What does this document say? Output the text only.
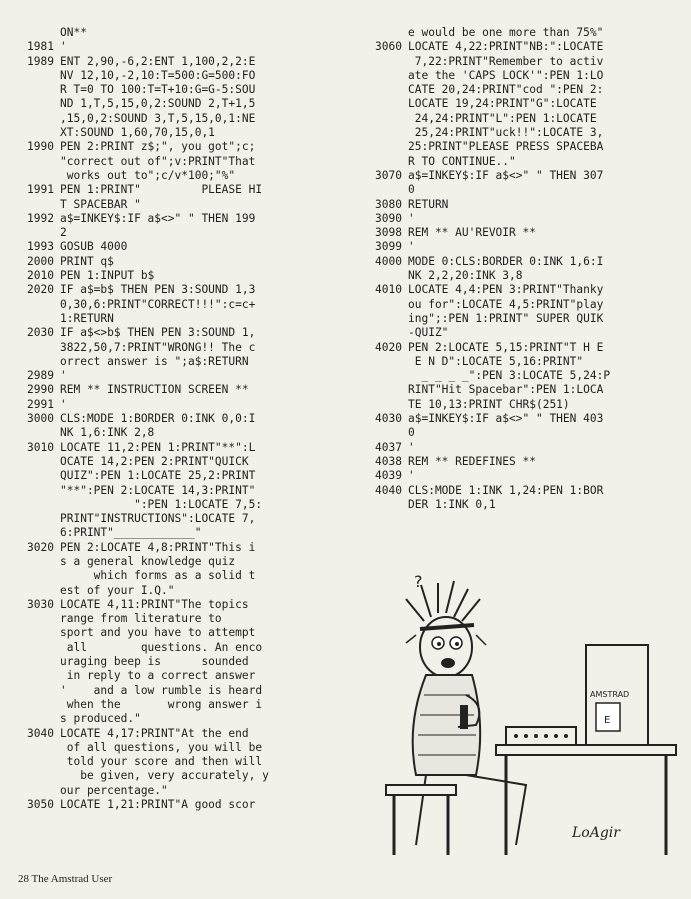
ON**
1981 '
1989 ENT 2,90,-6,2:ENT 1,100,2,2:E
NV 12,10,-2,10:T=500:G=500:FO
R T=0 TO 100:T=T+10:G=G-5:SOU
ND 1,T,5,15,0,2:SOUND 2,T+1,5
,15,0,2:SOUND 3,T,5,15,0,1:NE
XT:SOUND 1,60,70,15,0,1
1990 PEN 2:PRINT z$;", you got";c;
"correct out of";v:PRINT"That
works out to";c/v*100;"%"
1991 PEN 1:PRINT"         PLEASE HI
T SPACEBAR "
1992 a$=INKEY$:IF a$<>" " THEN 199
2
1993 GOSUB 4000
2000 PRINT q$
2010 PEN 1:INPUT b$
2020 IF a$=b$ THEN PEN 3:SOUND 1,3
0,30,6:PRINT"CORRECT!!!":c=c+
1:RETURN
2030 IF a$<>b$ THEN PEN 3:SOUND 1,
3822,50,7:PRINT"WRONG!! The c
orrect answer is ";a$:RETURN
2989 '
2990 REM ** INSTRUCTION SCREEN **
2991 '
3000 CLS:MODE 1:BORDER 0:INK 0,0:I
NK 1,6:INK 2,8
3010 LOCATE 11,2:PEN 1:PRINT"**":L
OCATE 14,2:PEN 2:PRINT"QUICK
QUIZ":PEN 1:LOCATE 25,2:PRINT
"**":PEN 2:LOCATE 14,3:PRINT"
":PEN 1:LOCATE 7,5:
PRINT"INSTRUCTIONS":LOCATE 7,
6:PRINT"____________"
3020 PEN 2:LOCATE 4,8:PRINT"This i
s a general knowledge quiz
which forms as a solid t
est of your I.Q."
3030 LOCATE 4,11:PRINT"The topics
range from literature to
sport and you have to attempt
all        questions. An enco
uraging beep is      sounded
in reply to a correct answer
'    and a low rumble is heard
when the       wrong answer i
s produced."
3040 LOCATE 4,17:PRINT"At the end
of all questions, you will be
told your score and then will
be given, very accurately, y
our percentage."
3050 LOCATE 1,21:PRINT"A good scor
e would be one more than 75%"
3060 LOCATE 4,22:PRINT"NB:":LOCATE
7,22:PRINT"Remember to activ
ate the 'CAPS LOCK'":PEN 1:LO
CATE 20,24:PRINT"cod ":PEN 2:
LOCATE 19,24:PRINT"G":LOCATE
24,24:PRINT"L":PEN 1:LOCATE
25,24:PRINT"uck!!":LOCATE 3,
25:PRINT"PLEASE PRESS SPACEBA
R TO CONTINUE.."
3070 a$=INKEY$:IF a$<>" " THEN 307
0
3080 RETURN
3090 '
3098 REM ** AU'REVOIR **
3099 '
4000 MODE 0:CLS:BORDER 0:INK 1,6:I
NK 2,2,20:INK 3,8
4010 LOCATE 4,4:PEN 3:PRINT"Thanky
ou for":LOCATE 4,5:PRINT"play
ing";:PEN 1:PRINT" SUPER QUIK
-QUIZ"
4020 PEN 2:LOCATE 5,15:PRINT"T H E
E N D":LOCATE 5,16:PRINT"
_ _ _ _":PEN 3:LOCATE 5,24:P
RINT"Hit Spacebar":PEN 1:LOCA
TE 10,13:PRINT CHR$(251)
4030 a$=INKEY$:IF a$<>" " THEN 403
0
4037 '
4038 REM ** REDEFINES **
4039 '
4040 CLS:MODE 1:INK 1,24:PEN 1:BOR
DER 1:INK 0,1
?
AMSTRAD
E
LoAgir
28 The Amstrad User
